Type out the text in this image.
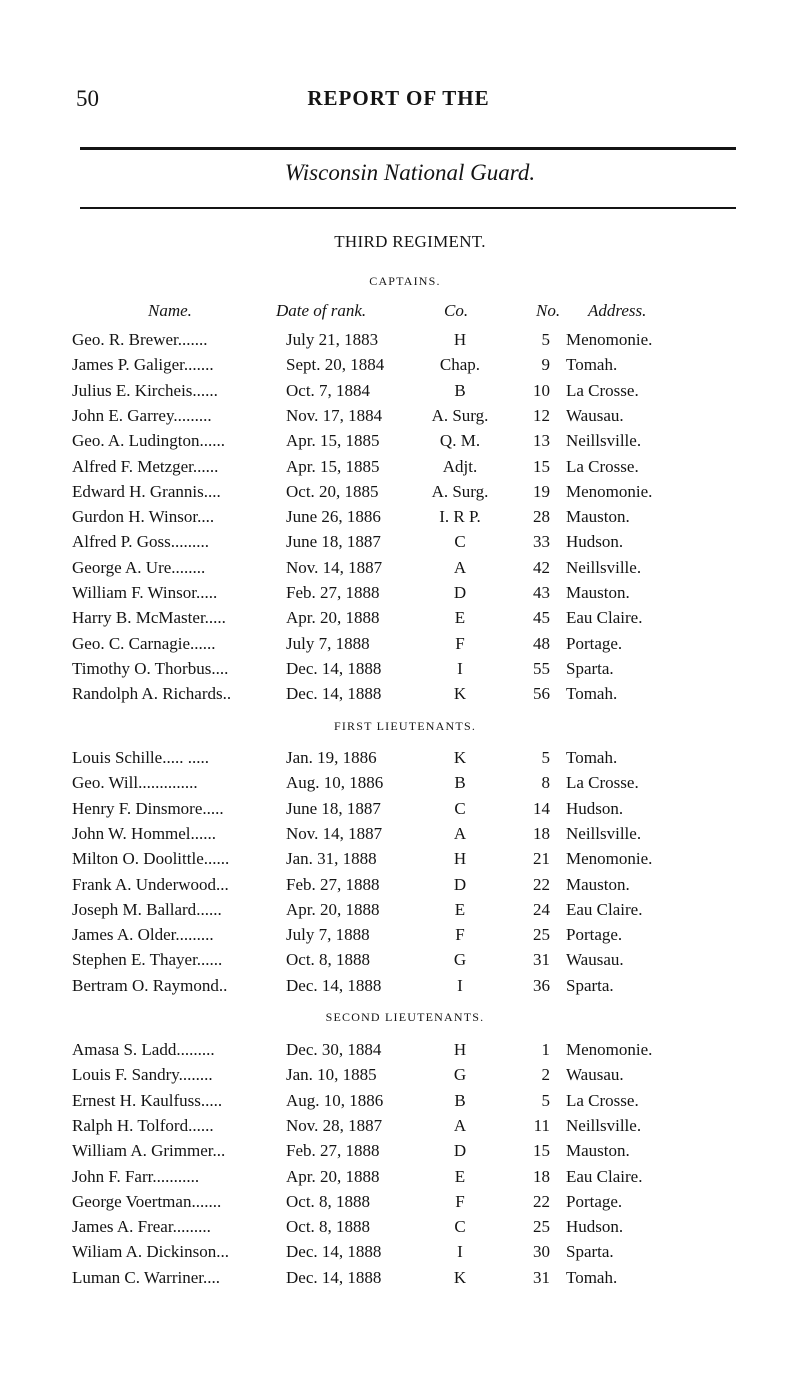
50	REPORT OF THE
Wisconsin National Guard.
THIRD REGIMENT.
CAPTAINS.
Name.	Date of rank.	Co.	No. Address.
Geo. R. Brewer.......	July 21, 1883	H	5 Menomonie.
James P. Galiger.......	Sept. 20, 1884	Chap.	9 Tomah.
Julius E. Kircheis......	Oct. 7, 1884	B	10 La Crosse.
John E. Garrey.........	Nov. 17, 1884	A. Surg.	12 Wausau.
Geo. A. Ludington......	Apr. 15, 1885	Q. M.	13 Neillsville.
Alfred F. Metzger......	Apr. 15, 1885	Adjt.	15 La Crosse.
Edward H. Grannis....	Oct. 20, 1885	A. Surg.	19 Menomonie.
Gurdon H. Winsor....	June 26, 1886	I. R P.	28 Mauston.
Alfred P. Goss.........	June 18, 1887	C	33 Hudson.
George A. Ure........	Nov. 14, 1887	A	42 Neillsville.
William F. Winsor.....	Feb. 27, 1888	D	43 Mauston.
Harry B. McMaster.....	Apr. 20, 1888	E	45 Eau Claire.
Geo. C. Carnagie......	July 7, 1888	F	48 Portage.
Timothy O. Thorbus....	Dec. 14, 1888	I	55 Sparta.
Randolph A. Richards..	Dec. 14, 1888	K	56 Tomah.
FIRST LIEUTENANTS.
Louis Schille..... .....	Jan. 19, 1886	K	5 Tomah.
Geo. Will..............	Aug. 10, 1886	B	8 La Crosse.
Henry F. Dinsmore.....	June 18, 1887	C	14 Hudson.
John W. Hommel......	Nov. 14, 1887	A	18 Neillsville.
Milton O. Doolittle......	Jan. 31, 1888	H	21 Menomonie.
Frank A. Underwood...	Feb. 27, 1888	D	22 Mauston.
Joseph M. Ballard......	Apr. 20, 1888	E	24 Eau Claire.
James A. Older.........	July 7, 1888	F	25 Portage.
Stephen E. Thayer......	Oct. 8, 1888	G	31 Wausau.
Bertram O. Raymond..	Dec. 14, 1888	I	36 Sparta.
SECOND LIEUTENANTS.
Amasa S. Ladd.........	Dec. 30, 1884	H	1 Menomonie.
Louis F. Sandry........	Jan. 10, 1885	G	2 Wausau.
Ernest H. Kaulfuss.....	Aug. 10, 1886	B	5 La Crosse.
Ralph H. Tolford......	Nov. 28, 1887	A	11 Neillsville.
William A. Grimmer...	Feb. 27, 1888	D	15 Mauston.
John F. Farr...........	Apr. 20, 1888	E	18 Eau Claire.
George Voertman.......	Oct. 8, 1888	F	22 Portage.
James A. Frear.........	Oct. 8, 1888	C	25 Hudson.
Wiliam A. Dickinson...	Dec. 14, 1888	I	30 Sparta.
Luman C. Warriner....	Dec. 14, 1888	K	31 Tomah.
